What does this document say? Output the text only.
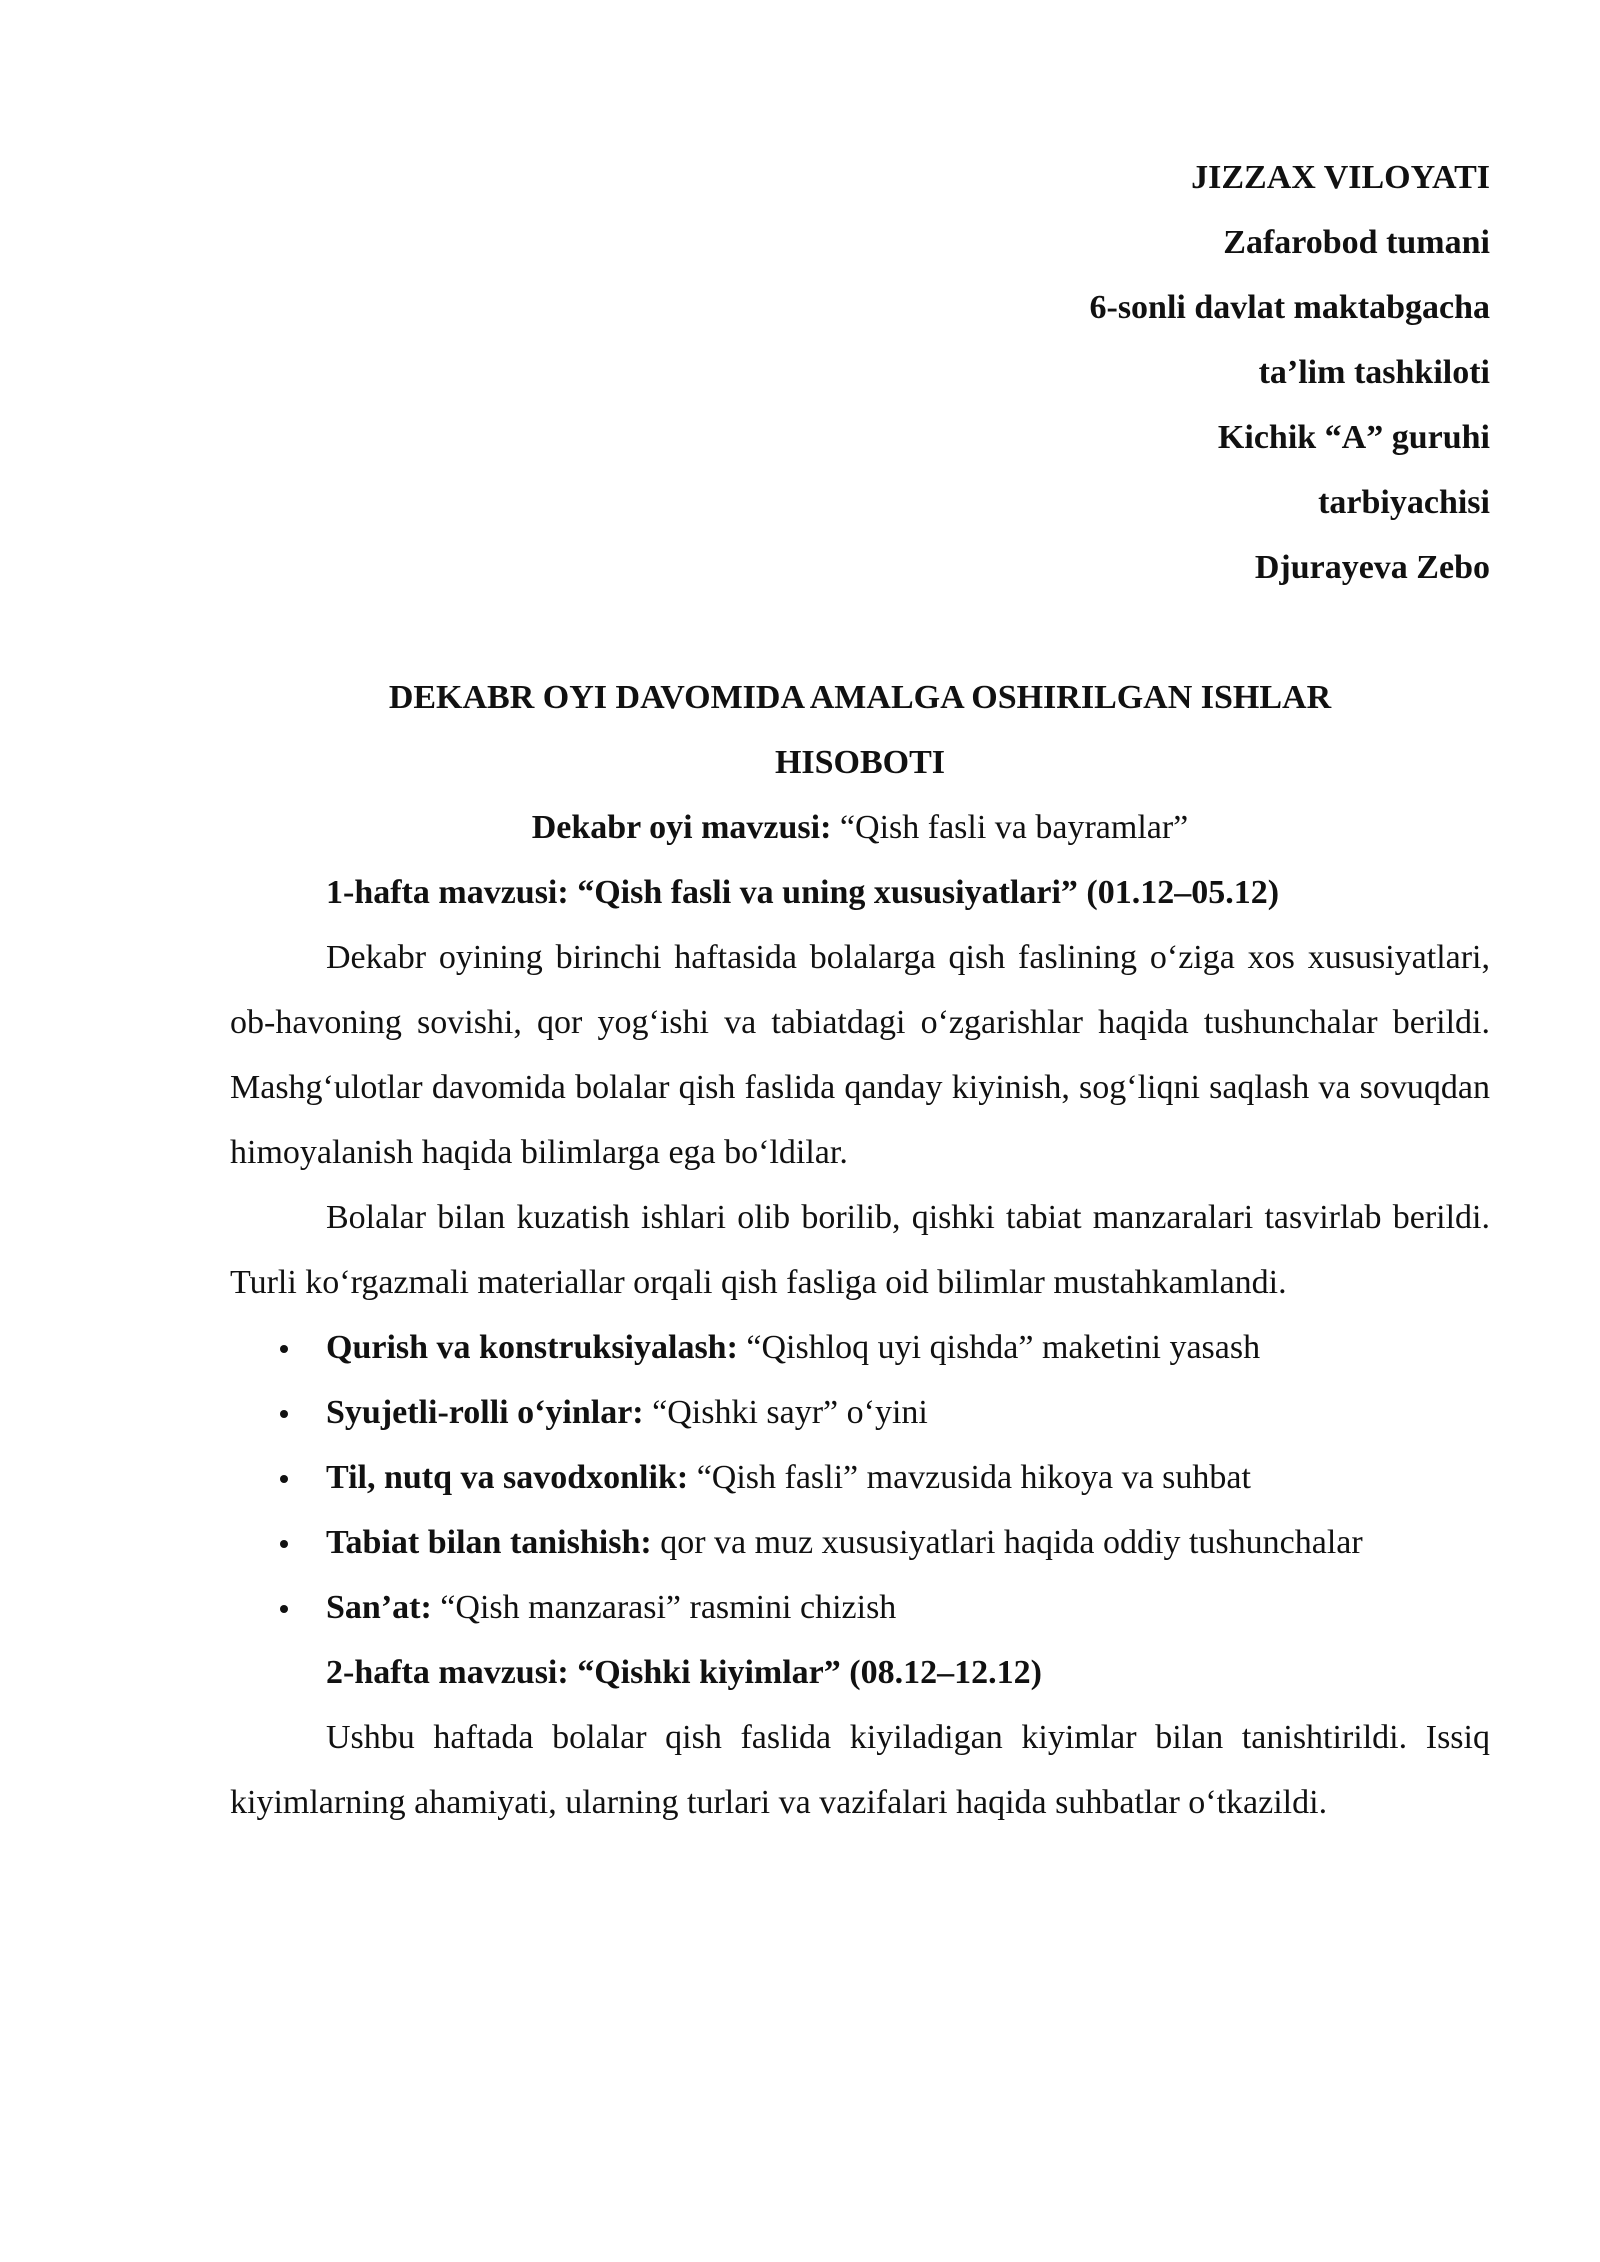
JIZZAX VILOYATI
Zafarobod tumani
6-sonli davlat maktabgacha
ta’lim tashkiloti
Kichik “A” guruhi
tarbiyachisi
Djurayeva Zebo
DEKABR OYI DAVOMIDA AMALGA OSHIRILGAN ISHLAR
HISOBOTI
Dekabr oyi mavzusi: “Qish fasli va bayramlar”
1-hafta mavzusi: “Qish fasli va uning xususiyatlari” (01.12–05.12)

Dekabr oyining birinchi haftasida bolalarga qish faslining o‘ziga xos xususiyatlari, ob-havoning sovishi, qor yog‘ishi va tabiatdagi o‘zgarishlar haqida tushunchalar berildi. Mashg‘ulotlar davomida bolalar qish faslida qanday kiyinish, sog‘liqni saqlash va sovuqdan himoyalanish haqida bilimlarga ega bo‘ldilar.

Bolalar bilan kuzatish ishlari olib borilib, qishki tabiat manzaralari tasvirlab berildi. Turli ko‘rgazmali materiallar orqali qish fasliga oid bilimlar mustahkamlandi.

Qurish va konstruksiyalash: “Qishloq uyi qishda” maketini yasash
Syujetli-rolli o‘yinlar: “Qishki sayr” o‘yini
Til, nutq va savodxonlik: “Qish fasli” mavzusida hikoya va suhbat
Tabiat bilan tanishish: qor va muz xususiyatlari haqida oddiy tushunchalar
San’at: “Qish manzarasi” rasmini chizish
2-hafta mavzusi: “Qishki kiyimlar” (08.12–12.12)

Ushbu haftada bolalar qish faslida kiyiladigan kiyimlar bilan tanishtirildi. Issiq kiyimlarning ahamiyati, ularning turlari va vazifalari haqida suhbatlar o‘tkazildi.
